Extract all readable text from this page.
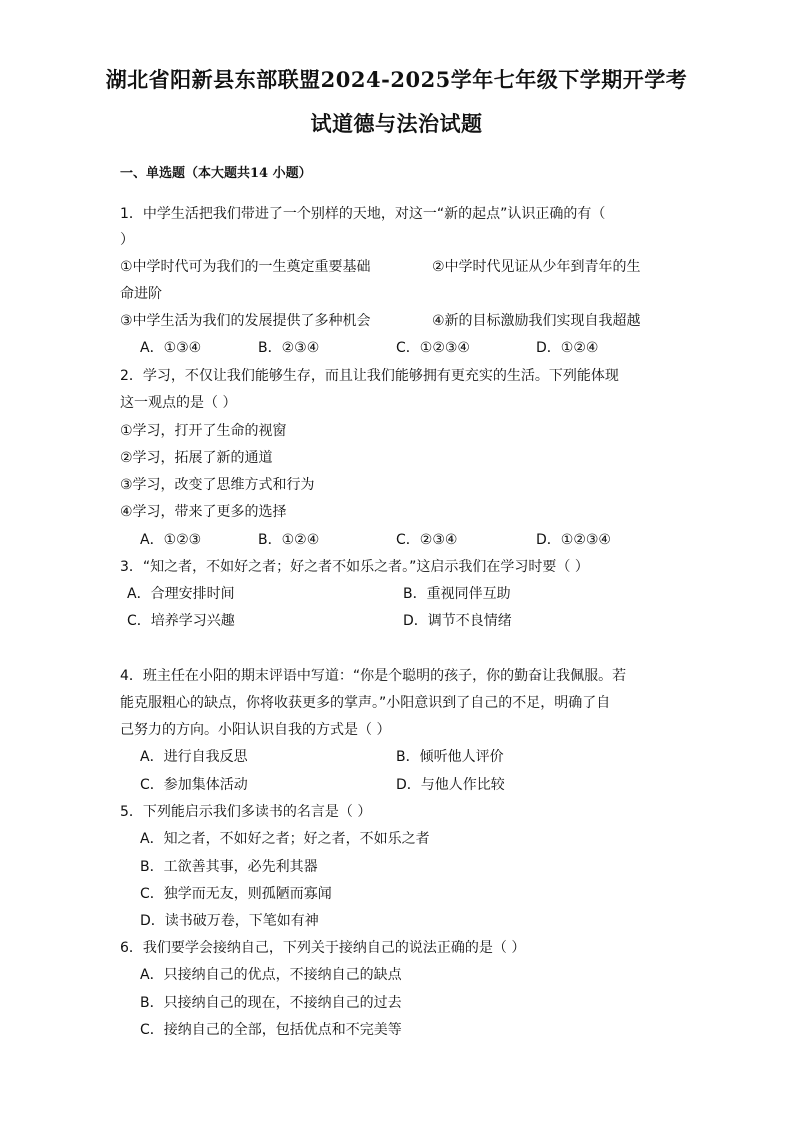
湖北省阳新县东部联盟2024-2025学年七年级下学期开学考
试道德与法治试题
一、单选题（本大题共14 小题）
1．中学生活把我们带进了一个别样的天地，对这一“新的起点”认识正确的有（
）
①中学时代可为我们的一生奠定重要基础	②中学时代见证从少年到青年的生
命进阶
③中学生活为我们的发展提供了多种机会	④新的目标激励我们实现自我超越
A．①③④	B．②③④	C．①②③④	D．①②④
2．学习，不仅让我们能够生存，而且让我们能够拥有更充实的生活。下列能体现
这一观点的是（ ）
①学习，打开了生命的视窗
②学习，拓展了新的通道
③学习，改变了思维方式和行为
④学习，带来了更多的选择
A．①②③	B．①②④	C．②③④	D．①②③④
3．“知之者，不如好之者；好之者不如乐之者。”这启示我们在学习时要（ ）
A．合理安排时间	B．重视同伴互助
C．培养学习兴趣	D．调节不良情绪
4．班主任在小阳的期末评语中写道：“你是个聪明的孩子，你的勤奋让我佩服。若
能克服粗心的缺点，你将收获更多的掌声。”小阳意识到了自己的不足，明确了自
己努力的方向。小阳认识自我的方式是（ ）
A．进行自我反思	B．倾听他人评价
C．参加集体活动	D．与他人作比较
5．下列能启示我们多读书的名言是（ ）
A．知之者，不如好之者；好之者，不如乐之者
B．工欲善其事，必先利其器
C．独学而无友，则孤陋而寡闻
D．读书破万卷，下笔如有神
6．我们要学会接纳自己，下列关于接纳自己的说法正确的是（ ）
A．只接纳自己的优点，不接纳自己的缺点
B．只接纳自己的现在，不接纳自己的过去
C．接纳自己的全部，包括优点和不完美等
